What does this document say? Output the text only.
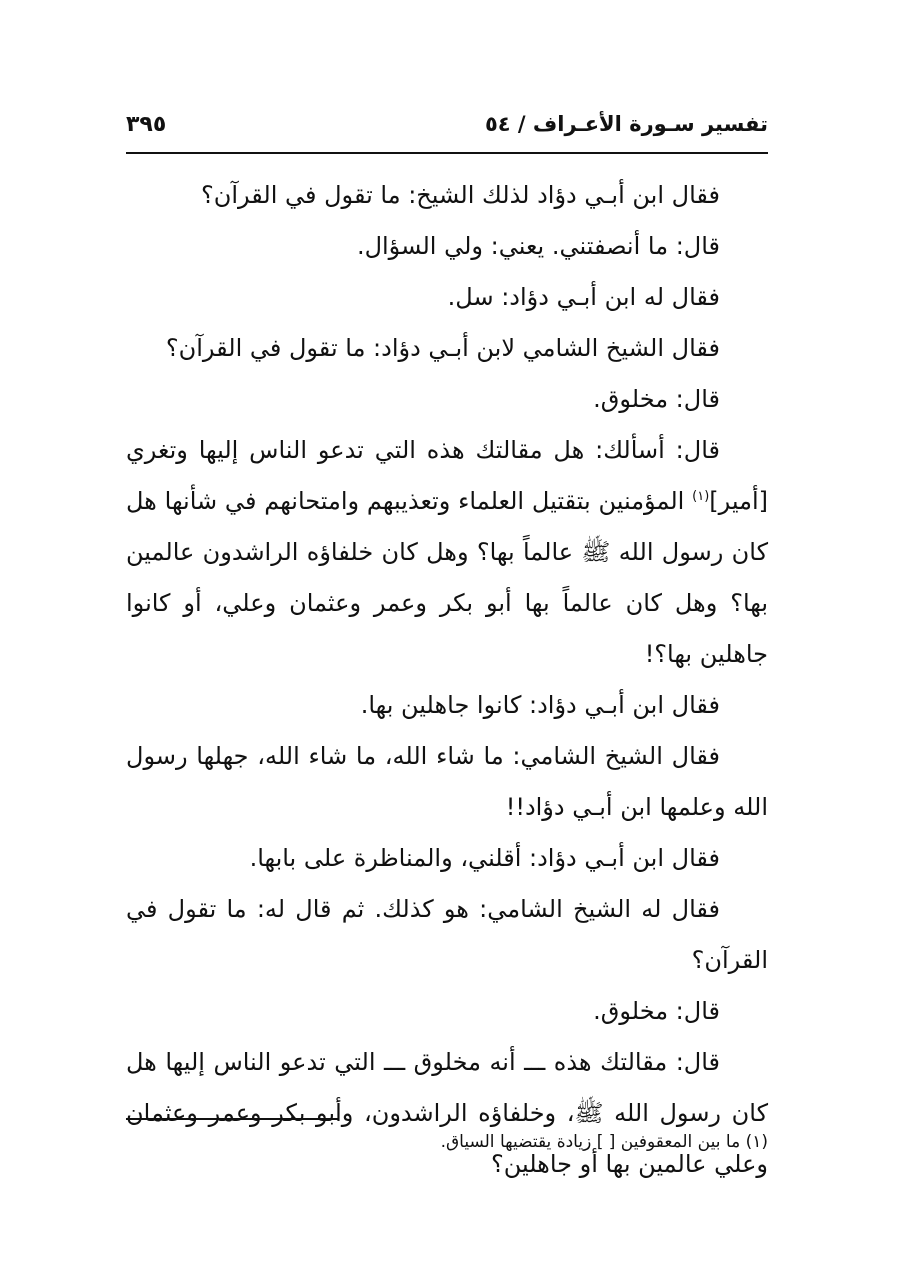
تفسير سـورة الأعـراف / ٥٤
٣٩٥

فقال ابن أبـي دؤاد لذلك الشيخ: ما تقول في القرآن؟

قال: ما أنصفتني. يعني: ولي السؤال.

فقال له ابن أبـي دؤاد: سل.

فقال الشيخ الشامي لابن أبـي دؤاد: ما تقول في القرآن؟

قال: مخلوق.

قال: أسألك: هل مقالتك هذه التي تدعو الناس إليها وتغري [أمير]$^{(١)}$ المؤمنين بتقتيل العلماء وتعذيبهم وامتحانهم في شأنها هل كان رسول الله ﷺ عالماً بها؟ وهل كان خلفاؤه الراشدون عالمين بها؟ وهل كان عالماً بها أبو بكر وعمر وعثمان وعلي، أو كانوا جاهلين بها؟!

فقال ابن أبـي دؤاد: كانوا جاهلين بها.

فقال الشيخ الشامي: ما شاء الله، ما شاء الله، جهلها رسول الله وعلمها ابن أبـي دؤاد!!

فقال ابن أبـي دؤاد: أقلني، والمناظرة على بابها.

فقال له الشيخ الشامي: هو كذلك. ثم قال له: ما تقول في القرآن؟

قال: مخلوق.

قال: مقالتك هذه ـــ أنه مخلوق ـــ التي تدعو الناس إليها هل كان رسول الله ﷺ، وخلفاؤه الراشدون، وأبو بكر وعمر وعثمان وعلي عالمين بها أو جاهلين؟

(١) ما بين المعقوفين [ ] زيادة يقتضيها السياق.
